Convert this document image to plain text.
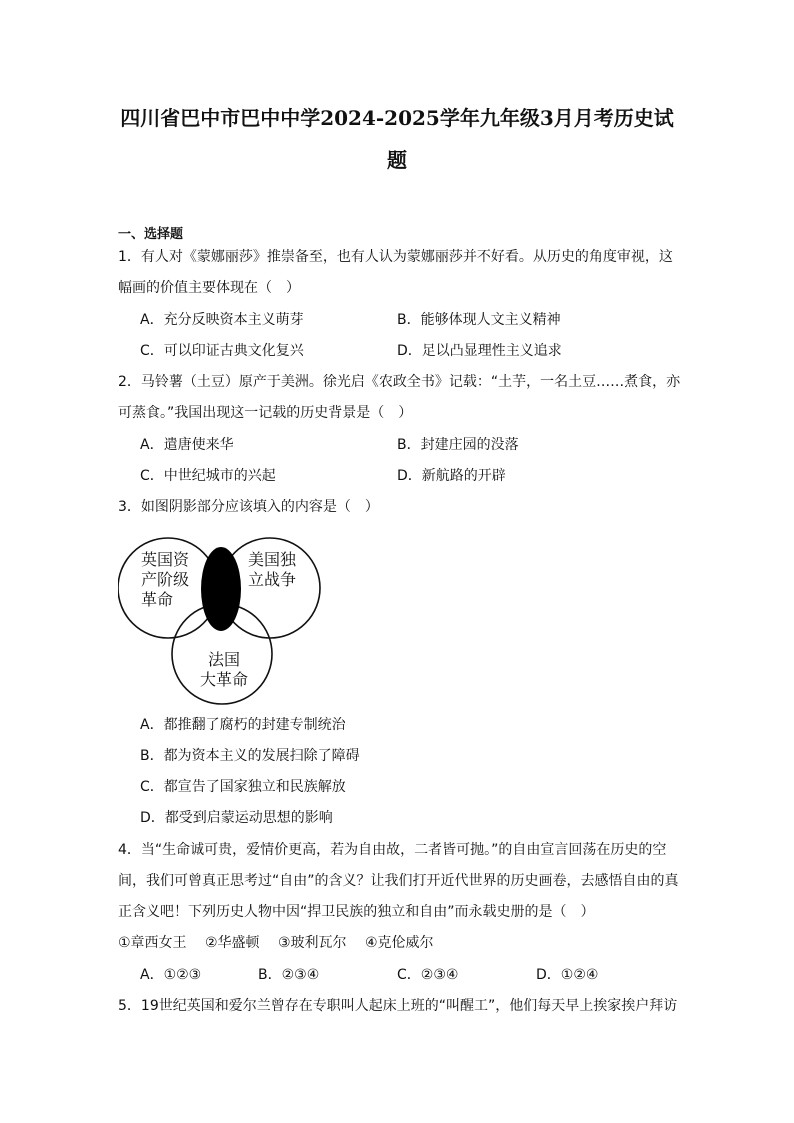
四川省巴中市巴中中学2024-2025学年九年级3月月考历史试
题
一、选择题
1．有人对《蒙娜丽莎》推崇备至，也有人认为蒙娜丽莎并不好看。从历史的角度审视，这
幅画的价值主要体现在（　）
A．充分反映资本主义萌芽	B．能够体现人文主义精神
C．可以印证古典文化复兴	D．足以凸显理性主义追求
2．马铃薯（土豆）原产于美洲。徐光启《农政全书》记载：“土芋，一名土豆……煮食，亦
可蒸食。”我国出现这一记载的历史背景是（　）
A．遣唐使来华	B．封建庄园的没落
C．中世纪城市的兴起	D．新航路的开辟
3．如图阴影部分应该填入的内容是（　）
英国资
产阶级
革命
美国独
立战争
法国
大革命
A．都推翻了腐朽的封建专制统治
B．都为资本主义的发展扫除了障碍
C．都宣告了国家独立和民族解放
D．都受到启蒙运动思想的影响
4．当“生命诚可贵，爱情价更高，若为自由故，二者皆可抛。”的自由宣言回荡在历史的空
间，我们可曾真正思考过“自由”的含义？让我们打开近代世界的历史画卷，去感悟自由的真
正含义吧！下列历史人物中因“捍卫民族的独立和自由”而永载史册的是（　）
①章西女王　 ②华盛顿　 ③玻利瓦尔　 ④克伦威尔
A．①②③	B．②③④	C．②③④	D．①②④
5．19世纪英国和爱尔兰曾存在专职叫人起床上班的“叫醒工”，他们每天早上挨家挨户拜访
